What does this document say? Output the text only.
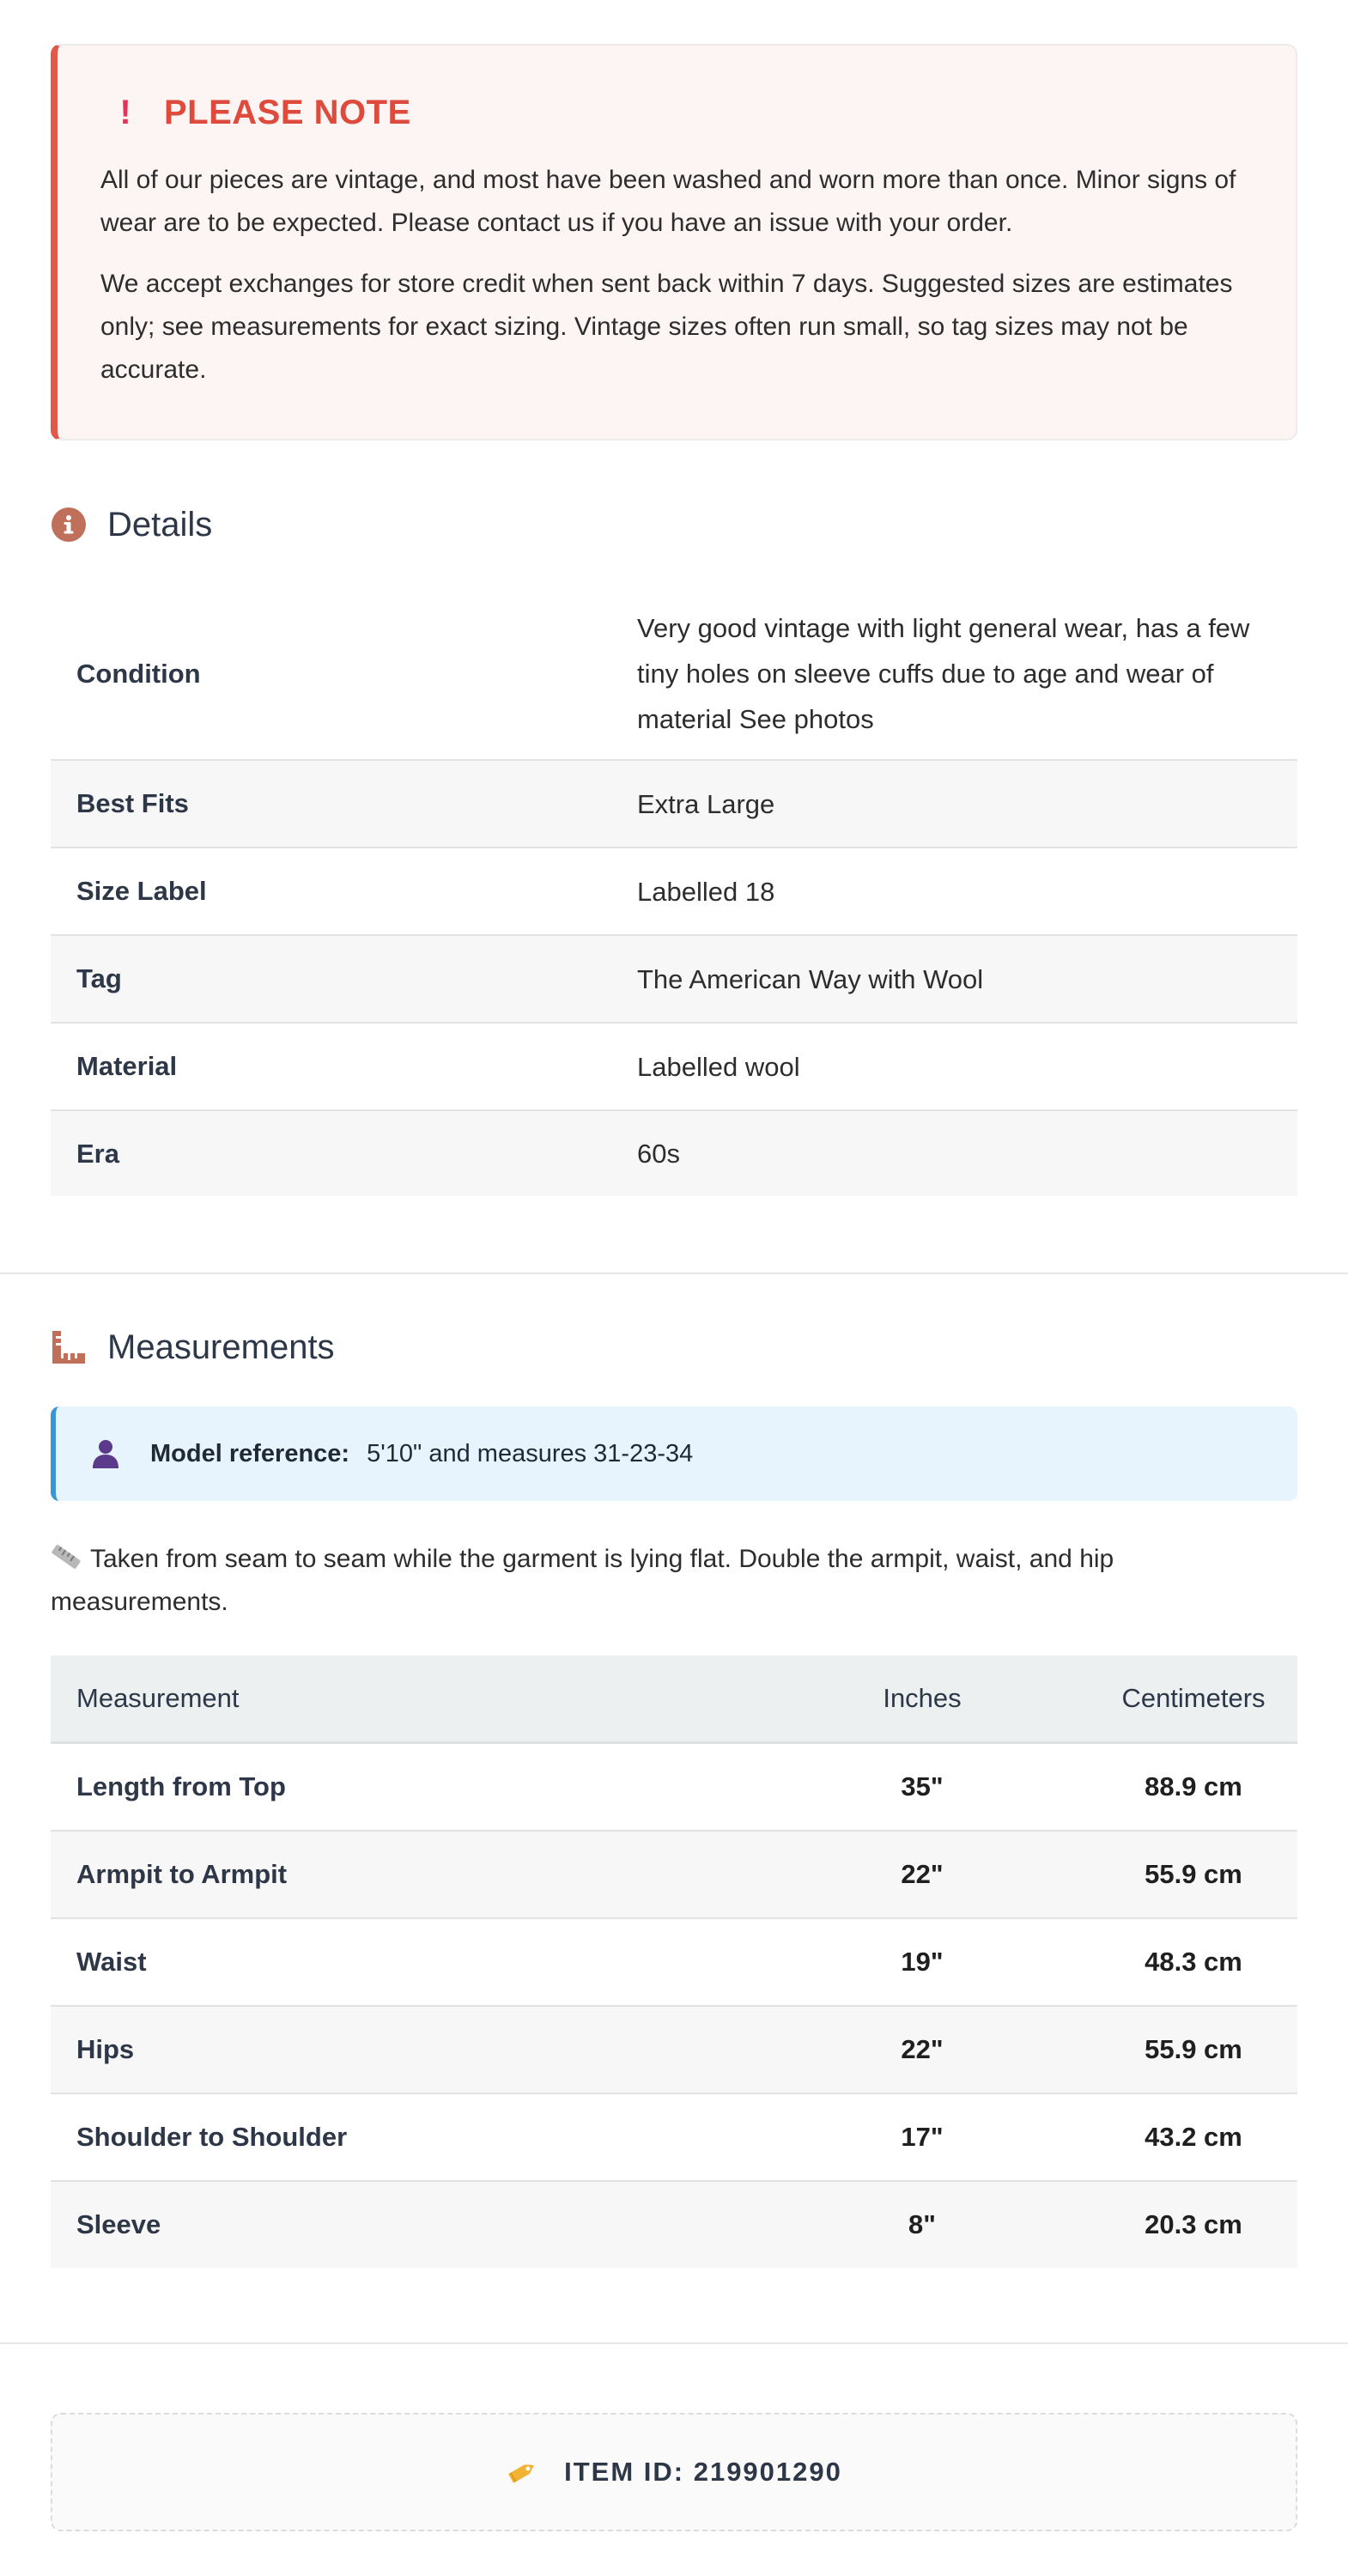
! PLEASE NOTE

All of our pieces are vintage, and most have been washed and worn more than once. Minor signs of wear are to be expected. Please contact us if you have an issue with your order.

We accept exchanges for store credit when sent back within 7 days. Suggested sizes are estimates only; see measurements for exact sizing. Vintage sizes often run small, so tag sizes may not be accurate.

Details
Condition	Very good vintage with light general wear, has a few tiny holes on sleeve cuffs due to age and wear of material See photos
Best Fits	Extra Large
Size Label	Labelled 18
Tag	The American Way with Wool
Material	Labelled wool
Era	60s
Measurements
Model reference: 5'10" and measures 31-23-34

Taken from seam to seam while the garment is lying flat. Double the armpit, waist, and hip measurements.

Measurement	Inches	Centimeters
Length from Top	35"	88.9 cm
Armpit to Armpit	22"	55.9 cm
Waist	19"	48.3 cm
Hips	22"	55.9 cm
Shoulder to Shoulder	17"	43.2 cm
Sleeve	8"	20.3 cm
ITEM ID: 219901290
